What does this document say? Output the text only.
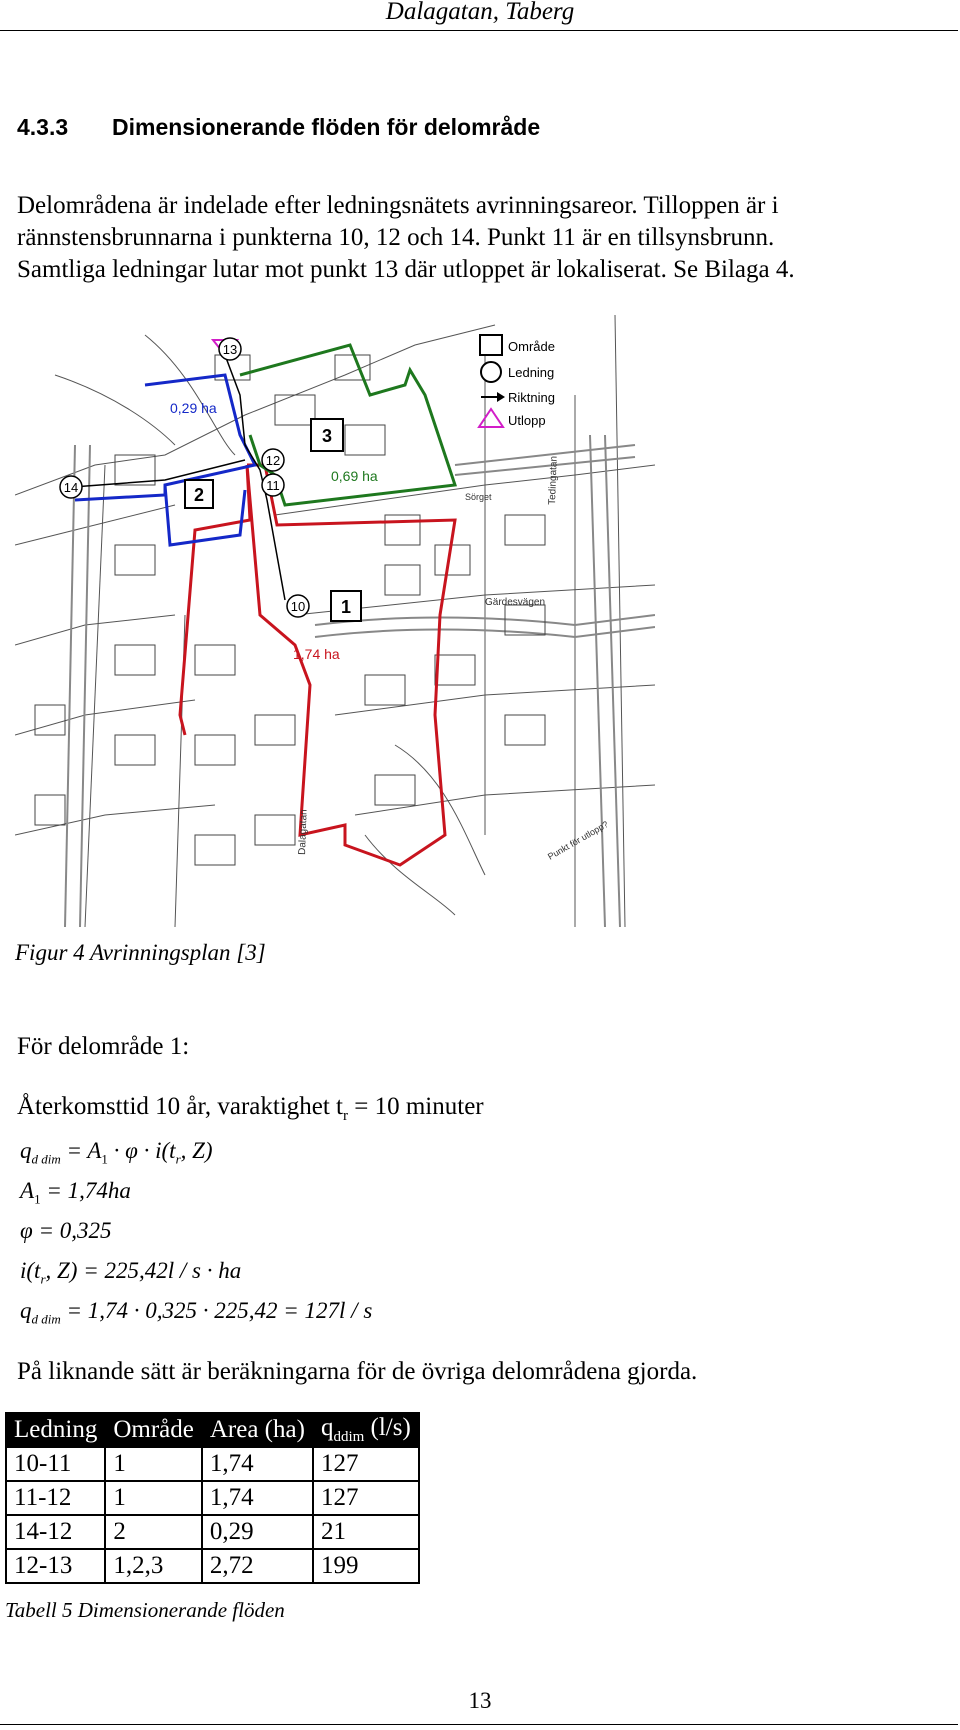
Dalagatan, Taberg
4.3.3 Dimensionerande flöden för delområde
Delområdena är indelade efter ledningsnätets avrinningsareor. Tilloppen är i
rännstensbrunnarna i punkterna 10, 12 och 14. Punkt 11 är en tillsynsbrunn.
Samtliga ledningar lutar mot punkt 13 där utloppet är lokaliserat. Se Bilaga 4.
13
12
11
10
14	2
3
1
0,29 ha
0,69 ha
1,74 ha
Gärdesvägen
Dalagatan
Tedingatan
Sörget
Punkt för utlopp?
Område
Ledning
Riktning
Utlopp
Figur 4 Avrinningsplan [3]
För delområde 1:
Återkomsttid 10 år, varaktighet $t_r = 10$ minuter
$q_{d dim} = A_1 \cdot \varphi \cdot i(t_r$, Z)
$A_1 = 1,74ha$
φ = 0,325
$i(t_r$, Z) = 225,42l / s · ha
$q_{d dim} = 1,74 \cdot 0,325 \cdot 225,42 = 127l / s$
På liknande sätt är beräkningarna för de övriga delområdena gjorda.
Ledning	Område	Area (ha)	$q_{ddim}$ (l/s)
10-11	1	1,74	127
11-12	1	1,74	127
14-12	2	0,29	21
12-13	1,2,3	2,72	199
Tabell 5 Dimensionerande flöden
13
